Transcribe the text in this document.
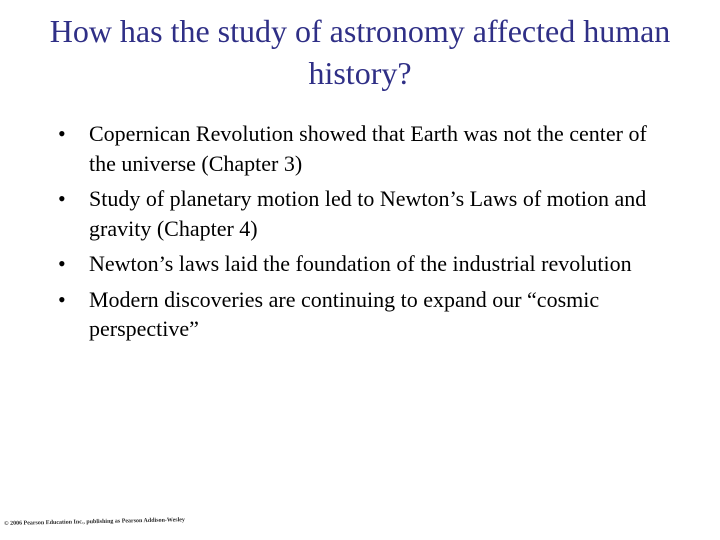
How has the study of astronomy affected human history?
• Copernican Revolution showed that Earth was not the center of the universe (Chapter 3)
• Study of planetary motion led to Newton’s Laws of motion and gravity (Chapter 4)
• Newton’s laws laid the foundation of the industrial revolution
• Modern discoveries are continuing to expand our “cosmic perspective”
© 2006 Pearson Education Inc., publishing as Pearson Addison-Wesley
